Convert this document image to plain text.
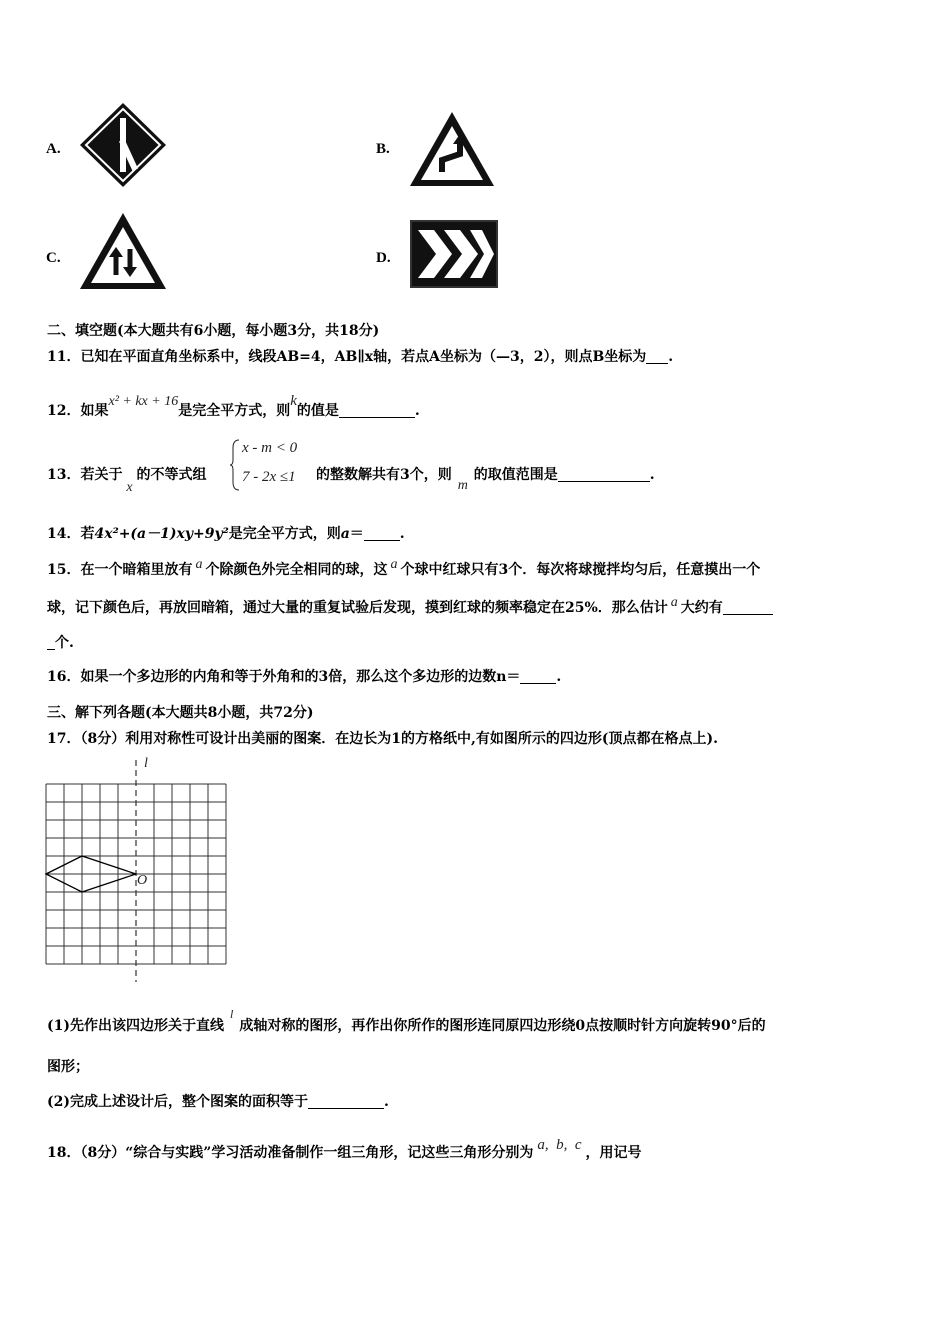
A.	B.
C.	D.
二、填空题(本大题共有6小题，每小题3分，共18分)
11．已知在平面直角坐标系中，线段AB=4，AB∥x轴，若点A坐标为（—3，2），则点B坐标为 .
12．如果x² + kx + 16是完全平方式，则k的值是	.
13．若关于x的不等式组
x - m < 0
7 - 2x ≤1 的整数解共有3个，则m的取值范围是	.
14．若4x²+(a－1)xy+9y²是完全平方式，则a＝	.
15．在一个暗箱里放有 a 个除颜色外完全相同的球，这 a 个球中红球只有3个．每次将球搅拌均匀后，任意摸出一个
球，记下颜色后，再放回暗箱，通过大量的重复试验后发现，摸到红球的频率稳定在25%．那么估计 a 大约有
个.
16．如果一个多边形的内角和等于外角和的3倍，那么这个多边形的边数n＝	.
三、解下列各题(本大题共8小题，共72分)
17．（8分）利用对称性可设计出美丽的图案．在边长为1的方格纸中,有如图所示的四边形(顶点都在格点上).
l
O
(1)先作出该四边形关于直线l成轴对称的图形，再作出你所作的图形连同原四边形绕0点按顺时针方向旋转90°后的
图形；
(2)完成上述设计后，整个图案的面积等于	.
18．（8分）“综合与实践”学习活动准备制作一组三角形，记这些三角形分别为 a,  b,  c ，用记号
